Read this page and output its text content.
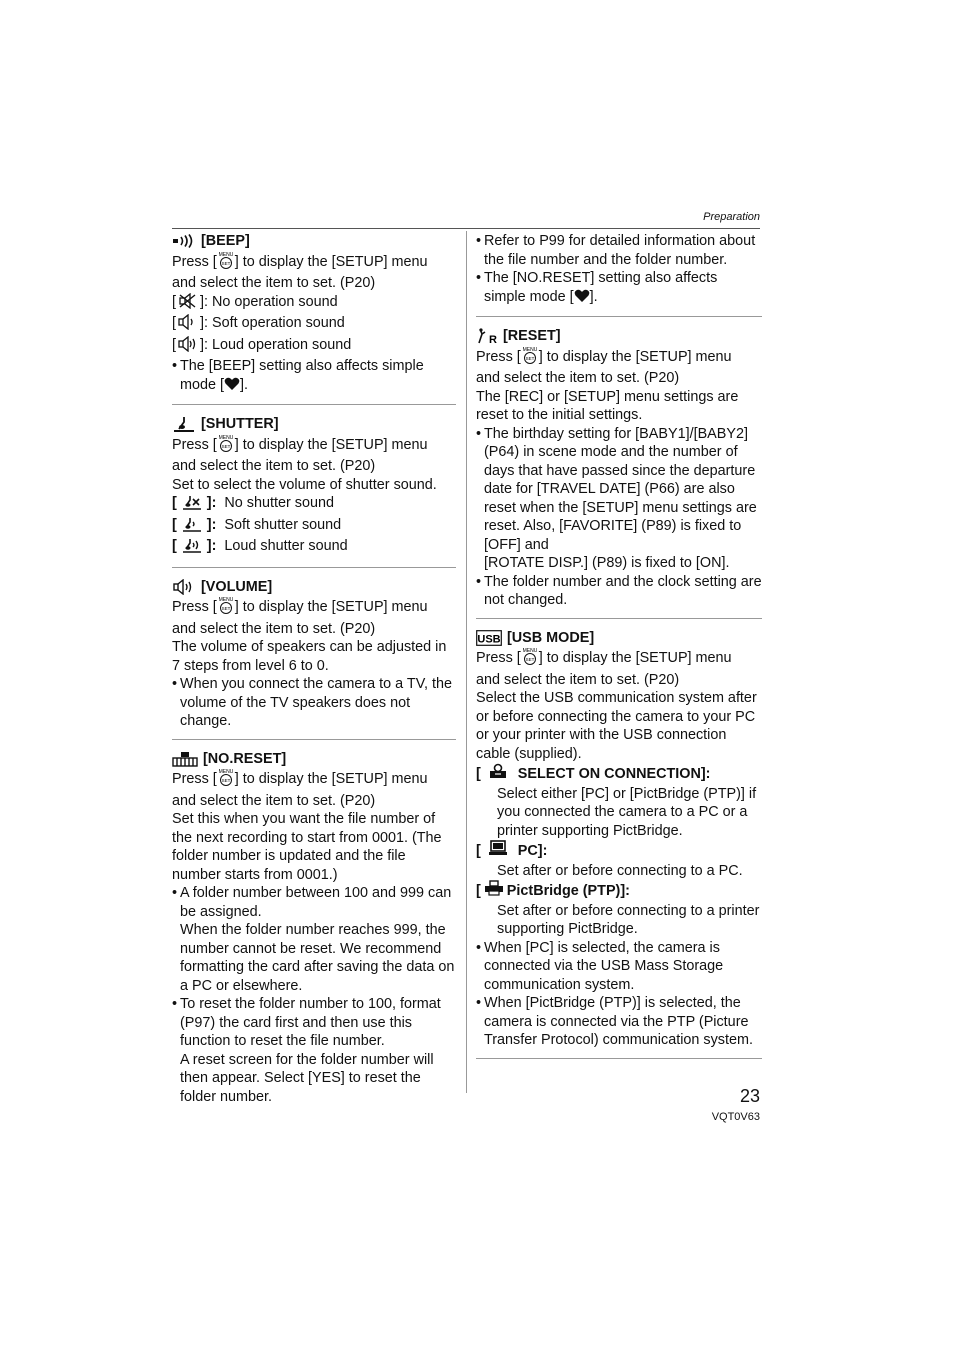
Preparation
[BEEP]

Press [ MENU
SET ] to display the [SETUP] menu
and select the item to set. (P20)

[ ]:
No operation sound
[ ]:
Soft operation sound
[ ]:
Loud operation sound

• The [BEEP] setting also affects simple
mode [ ].

[SHUTTER]

Press [ MENU
SET ] to display the [SETUP] menu
and select the item to set. (P20)

Set to select the volume of shutter sound.

[ ]:
No shutter sound
[ ]:
Soft shutter sound
[ ]:
Loud shutter sound
[VOLUME]

Press [ MENU
SET ] to display the [SETUP] menu
and select the item to set. (P20)

The volume of speakers can be adjusted in 7 steps from level 6 to 0.

• When you connect the camera to a TV, the volume of the TV speakers does not change.

[NO.RESET]

Press [ MENU
SET ] to display the [SETUP] menu
and select the item to set. (P20)

Set this when you want the file number of the next recording to start from 0001. (The folder number is updated and the file number starts from 0001.)

• A folder number between 100 and 999 can be assigned.
When the folder number reaches 999, the number cannot be reset. We recommend formatting the card after saving the data on a PC or elsewhere.

• To reset the folder number to 100, format (P97) the card first and then use this function to reset the file number.
A reset screen for the folder number will then appear. Select [YES] to reset the folder number.

• Refer to P99 for detailed information about the file number and the folder number.

• The [NO.RESET] setting also affects
simple mode [ ].

R [RESET]

Press [ MENU
SET ] to display the [SETUP] menu
and select the item to set. (P20)

The [REC] or [SETUP] menu settings are reset to the initial settings.

• The birthday setting for [BABY1]/[BABY2] (P64) in scene mode and the number of days that have passed since the departure date for [TRAVEL DATE] (P66) are also reset when the [SETUP] menu settings are reset. Also, [FAVORITE] (P89) is fixed to [OFF] and
[ROTATE DISP.] (P89) is fixed to [ON].

• The folder number and the clock setting are not changed.

USB [USB MODE]

Press [ MENU
SET ] to display the [SETUP] menu
and select the item to set. (P20)

Select the USB communication system after or before connecting the camera to your PC or your printer with the USB connection cable (supplied).

[
SELECT ON CONNECTION]:

Select either [PC] or [PictBridge (PTP)] if you connected the camera to a PC or a printer supporting PictBridge.

[
PC]:

Set after or before connecting to a PC.

[ PictBridge (PTP)]:

Set after or before connecting to a printer supporting PictBridge.

• When [PC] is selected, the camera is connected via the USB Mass Storage communication system.

• When [PictBridge (PTP)] is selected, the camera is connected via the PTP (Picture Transfer Protocol) communication system.

23
VQT0V63
